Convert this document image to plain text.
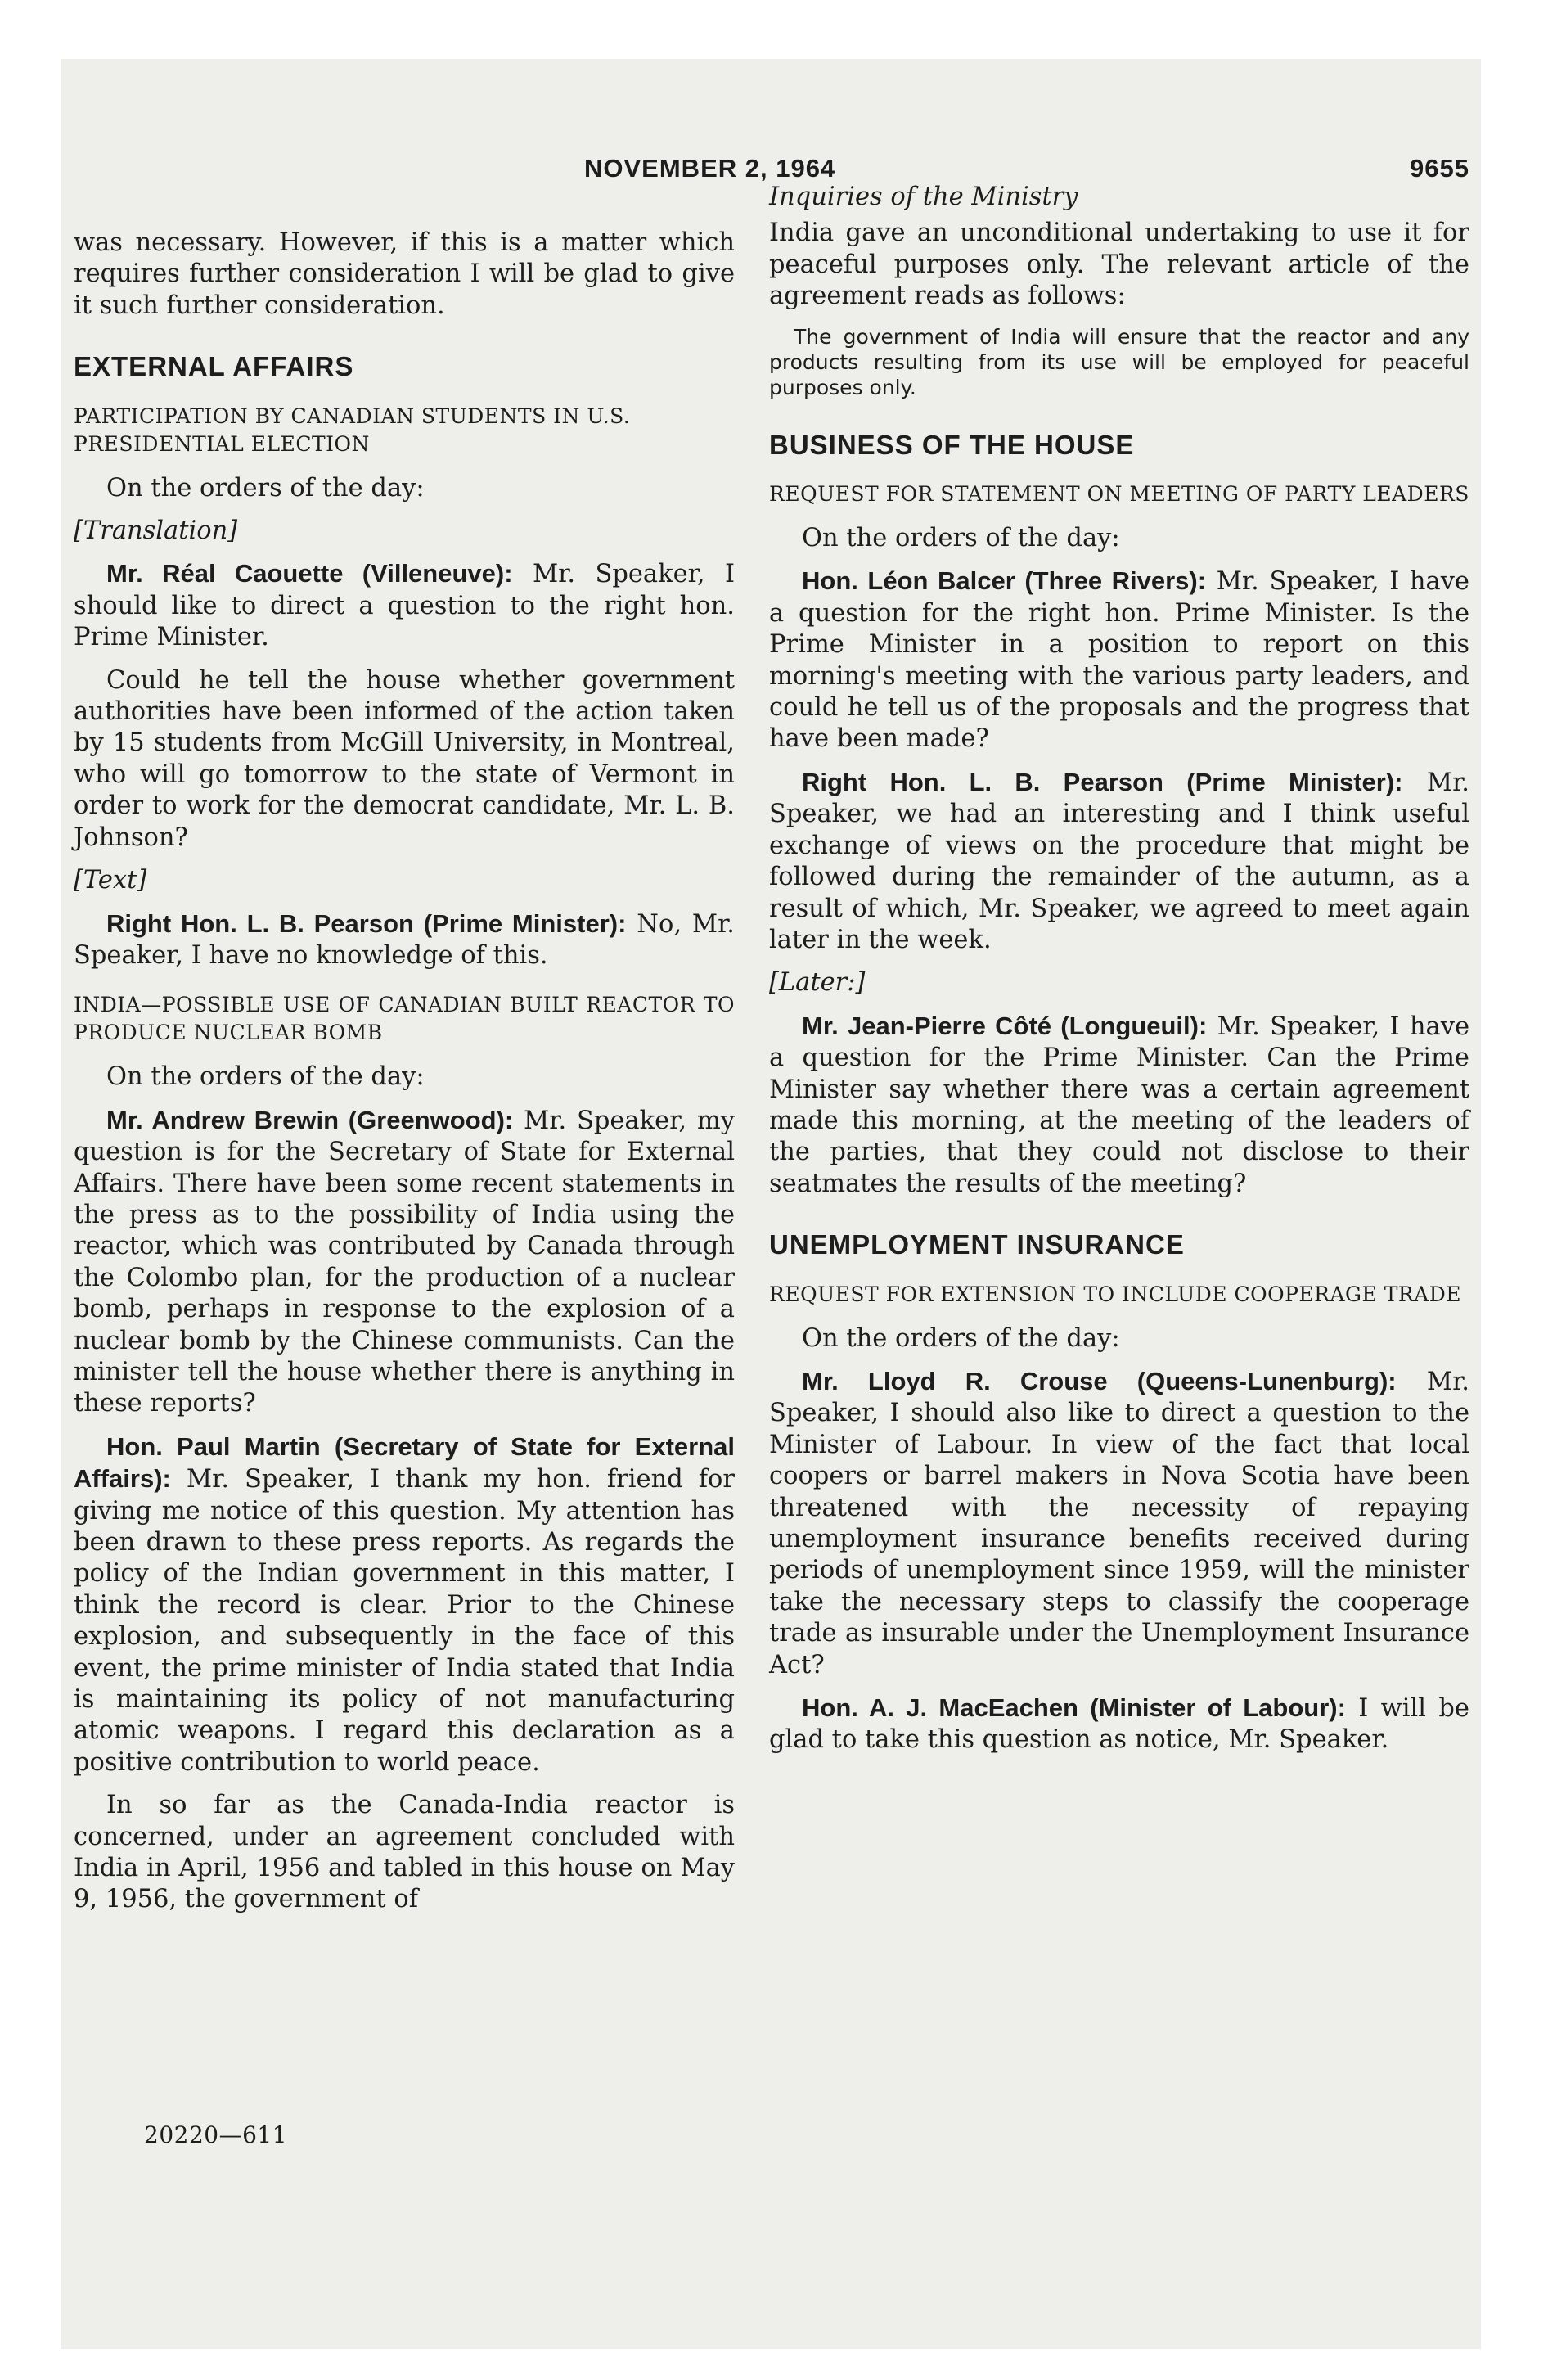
NOVEMBER 2, 1964	9655

was necessary. However, if this is a matter which requires further consideration I will be glad to give it such further consideration.

EXTERNAL AFFAIRS

PARTICIPATION BY CANADIAN STUDENTS IN U.S. PRESIDENTIAL ELECTION

On the orders of the day:

[Translation]

Mr. Réal Caouette (Villeneuve): Mr. Speaker, I should like to direct a question to the right hon. Prime Minister.

Could he tell the house whether government authorities have been informed of the action taken by 15 students from McGill University, in Montreal, who will go tomorrow to the state of Vermont in order to work for the democrat candidate, Mr. L. B. Johnson?

[Text]

Right Hon. L. B. Pearson (Prime Minister): No, Mr. Speaker, I have no knowledge of this.

INDIA—POSSIBLE USE OF CANADIAN BUILT REACTOR TO PRODUCE NUCLEAR BOMB

On the orders of the day:

Mr. Andrew Brewin (Greenwood): Mr. Speaker, my question is for the Secretary of State for External Affairs. There have been some recent statements in the press as to the possibility of India using the reactor, which was contributed by Canada through the Colombo plan, for the production of a nuclear bomb, perhaps in response to the explosion of a nuclear bomb by the Chinese communists. Can the minister tell the house whether there is anything in these reports?

Hon. Paul Martin (Secretary of State for External Affairs): Mr. Speaker, I thank my hon. friend for giving me notice of this question. My attention has been drawn to these press reports. As regards the policy of the Indian government in this matter, I think the record is clear. Prior to the Chinese explosion, and subsequently in the face of this event, the prime minister of India stated that India is maintaining its policy of not manufacturing atomic weapons. I regard this declaration as a positive contribution to world peace.

In so far as the Canada-India reactor is concerned, under an agreement concluded with India in April, 1956 and tabled in this house on May 9, 1956, the government of

20220—611

Inquiries of the Ministry

India gave an unconditional undertaking to use it for peaceful purposes only. The relevant article of the agreement reads as follows:

The government of India will ensure that the reactor and any products resulting from its use will be employed for peaceful purposes only.

BUSINESS OF THE HOUSE

REQUEST FOR STATEMENT ON MEETING OF PARTY LEADERS

On the orders of the day:

Hon. Léon Balcer (Three Rivers): Mr. Speaker, I have a question for the right hon. Prime Minister. Is the Prime Minister in a position to report on this morning's meeting with the various party leaders, and could he tell us of the proposals and the progress that have been made?

Right Hon. L. B. Pearson (Prime Minister): Mr. Speaker, we had an interesting and I think useful exchange of views on the procedure that might be followed during the remainder of the autumn, as a result of which, Mr. Speaker, we agreed to meet again later in the week.

[Later:]

Mr. Jean-Pierre Côté (Longueuil): Mr. Speaker, I have a question for the Prime Minister. Can the Prime Minister say whether there was a certain agreement made this morning, at the meeting of the leaders of the parties, that they could not disclose to their seatmates the results of the meeting?

UNEMPLOYMENT INSURANCE

REQUEST FOR EXTENSION TO INCLUDE COOPERAGE TRADE

On the orders of the day:

Mr. Lloyd R. Crouse (Queens-Lunenburg): Mr. Speaker, I should also like to direct a question to the Minister of Labour. In view of the fact that local coopers or barrel makers in Nova Scotia have been threatened with the necessity of repaying unemployment insurance benefits received during periods of unemployment since 1959, will the minister take the necessary steps to classify the cooperage trade as insurable under the Unemployment Insurance Act?

Hon. A. J. MacEachen (Minister of Labour): I will be glad to take this question as notice, Mr. Speaker.
